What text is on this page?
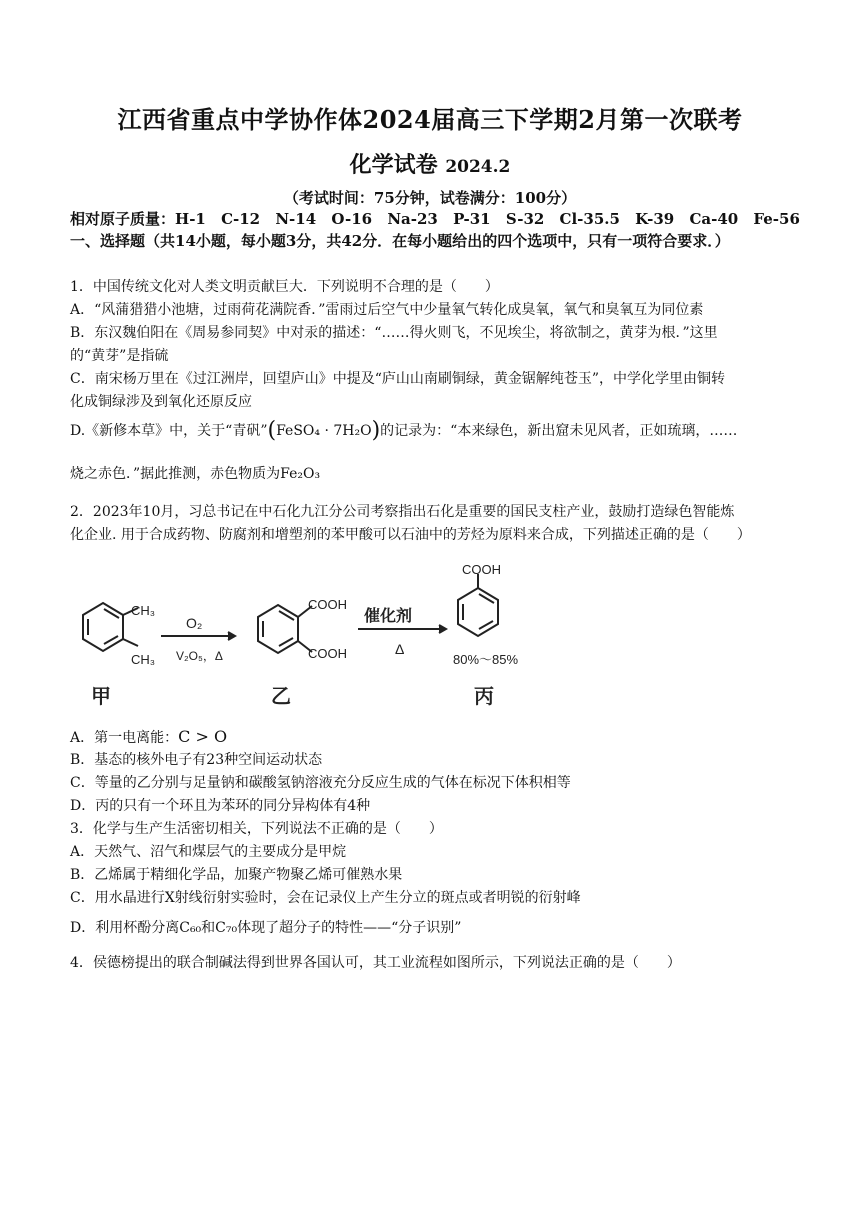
江西省重点中学协作体2024届高三下学期2月第一次联考
化学试卷 2024.2
（考试时间：75分钟，试卷满分：100分）
相对原子质量：H-1 C-12 N-14 O-16 Na-23 P-31 S-32 Cl-35.5 K-39 Ca-40 Fe-56
一、选择题（共14小题，每小题3分，共42分．在每小题给出的四个选项中，只有一项符合要求．）
1．中国传统文化对人类文明贡献巨大．下列说明不合理的是（　　）
A．“风蒲猎猎小池塘，过雨荷花满院香．”雷雨过后空气中少量氧气转化成臭氧，氧气和臭氧互为同位素
B．东汉魏伯阳在《周易参同契》中对汞的描述：“……得火则飞，不见埃尘，将欲制之，黄芽为根．”这里
的“黄芽”是指硫
C．南宋杨万里在《过江洲岸，回望庐山》中提及“庐山山南刷铜绿，黄金锯解纯苍玉”，中学化学里由铜转
化成铜绿涉及到氧化还原反应
D.《新修本草》中，关于“青矾”(FeSO₄ · 7H₂O)的记录为：“本来绿色，新出窟未见风者，正如琉璃，……
烧之赤色．”据此推测，赤色物质为Fe₂O₃
2．2023年10月，习总书记在中石化九江分公司考察指出石化是重要的国民支柱产业，鼓励打造绿色智能炼
化企业. 用于合成药物、防腐剂和增塑剂的苯甲酸可以石油中的芳烃为原料来合成，下列描述正确的是（　　）
CH₃
CH₃
O₂
V₂O₅，Δ
COOH
COOH
催化剂
Δ
COOH
80%～85%
甲	乙	丙
A．第一电离能：C > O
B．基态的核外电子有23种空间运动状态
C．等量的乙分别与足量钠和碳酸氢钠溶液充分反应生成的气体在标况下体积相等
D．丙的只有一个环且为苯环的同分异构体有4种
3．化学与生产生活密切相关，下列说法不正确的是（　　）
A．天然气、沼气和煤层气的主要成分是甲烷
B．乙烯属于精细化学品，加聚产物聚乙烯可催熟水果
C．用水晶进行X射线衍射实验时，会在记录仪上产生分立的斑点或者明锐的衍射峰
D．利用杯酚分离C₆₀和C₇₀体现了超分子的特性——“分子识别”
4．侯德榜提出的联合制碱法得到世界各国认可，其工业流程如图所示，下列说法正确的是（　　）
